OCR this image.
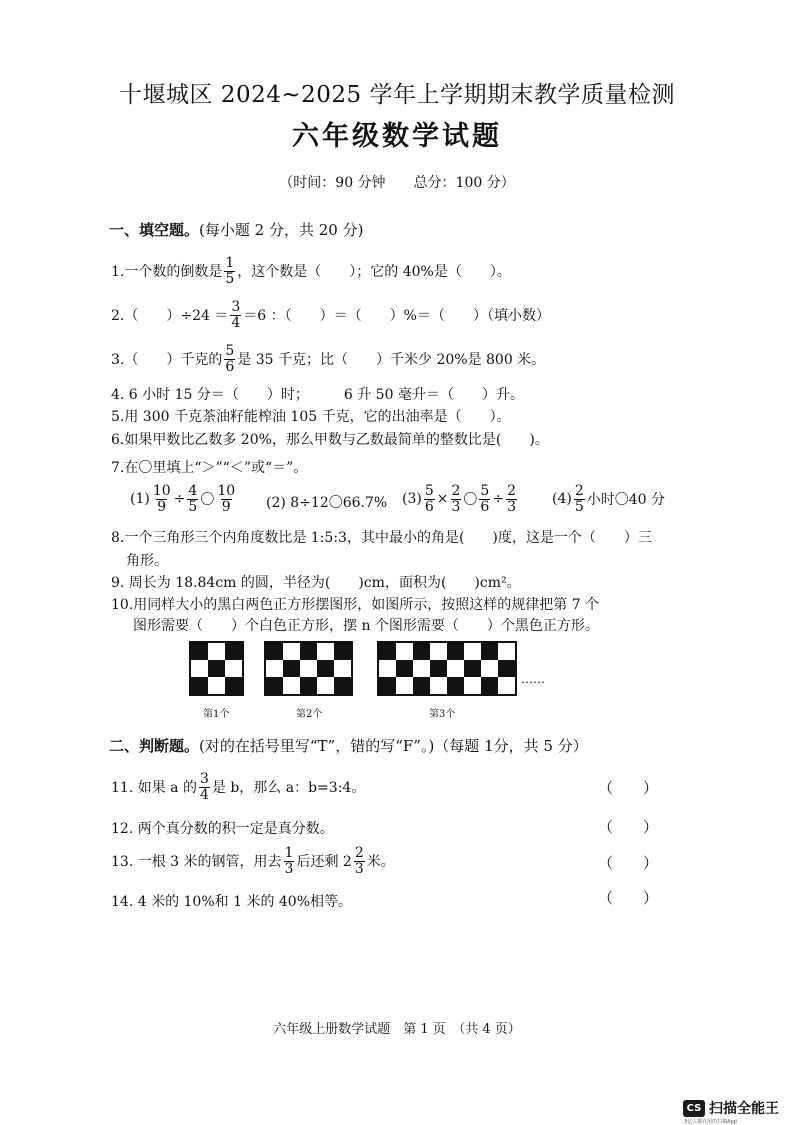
十堰城区 2024~2025 学年上学期期末教学质量检测
六年级数学试题
（时间：90 分钟　　总分：100 分）
一、填空题。(每小题 2 分，共 20 分)
1.一个数的倒数是 $\frac{1}{5}$ ，这个数是（　　）；它的 40%是（　　）。
2.（　　）$\div 24 = \frac{3}{4} =6$ ：（　　）＝（　　）%＝（　　）（填小数）
3.（　　）千克的 $\frac{5}{6}$ 是 35 千克；比（　　）千米少 20%是 800 米。
4. 6 小时 15 分＝（　　）时；　　　6 升 50 毫升＝（　　）升。
5.用 300 千克茶油籽能榨油 105 千克，它的出油率是（　　）。
6.如果甲数比乙数多 20%，那么甲数与乙数最简单的整数比是(　　)。
7.在〇里填上“＞”“＜”或“＝”。
$(1) \frac{10}{9} \div \frac{4}{5}$ 〇 $\frac{10}{9} (2)$ 8÷12〇66.7% $(3) \frac{5}{6} \times \frac{2}{3}$ 〇 $\frac{5}{6} \div \frac{2}{3}$	$(4) \frac{2}{5}$ 小时〇40 分
8.一个三角形三个内角度数比是 1:5:3，其中最小的角是(　　)度，这是一个（　　）三
角形。
9. 周长为 18.84cm 的圆，半径为(　　)cm，面积为(　　)cm²。
10.用同样大小的黑白两色正方形摆图形，如图所示，按照这样的规律把第 7 个
图形需要（　　）个白色正方形，摆 n 个图形需要（　　）个黑色正方形。
……
第1个	第2个	第3个
二、判断题。(对的在括号里写“T”，错的写“F”。)（每题 1分，共 5 分）
11. 如果 a 的 $\frac{3}{4}$ 是 b，那么 a：b=3:4。	（　　）
12. 两个真分数的积一定是真分数。	（　　）
13. 一根 3 米的钢管，用去 $\frac{1}{3}$ 后还剩 $2 \frac{2}{3}$ 米。	（　　）
14. 4 米的 10%和 1 米的 40%相等。	（　　）
六年级上册数学试题　第 1 页　（共 4 页）
CS 扫描全能王
3亿人都在用的扫描App
